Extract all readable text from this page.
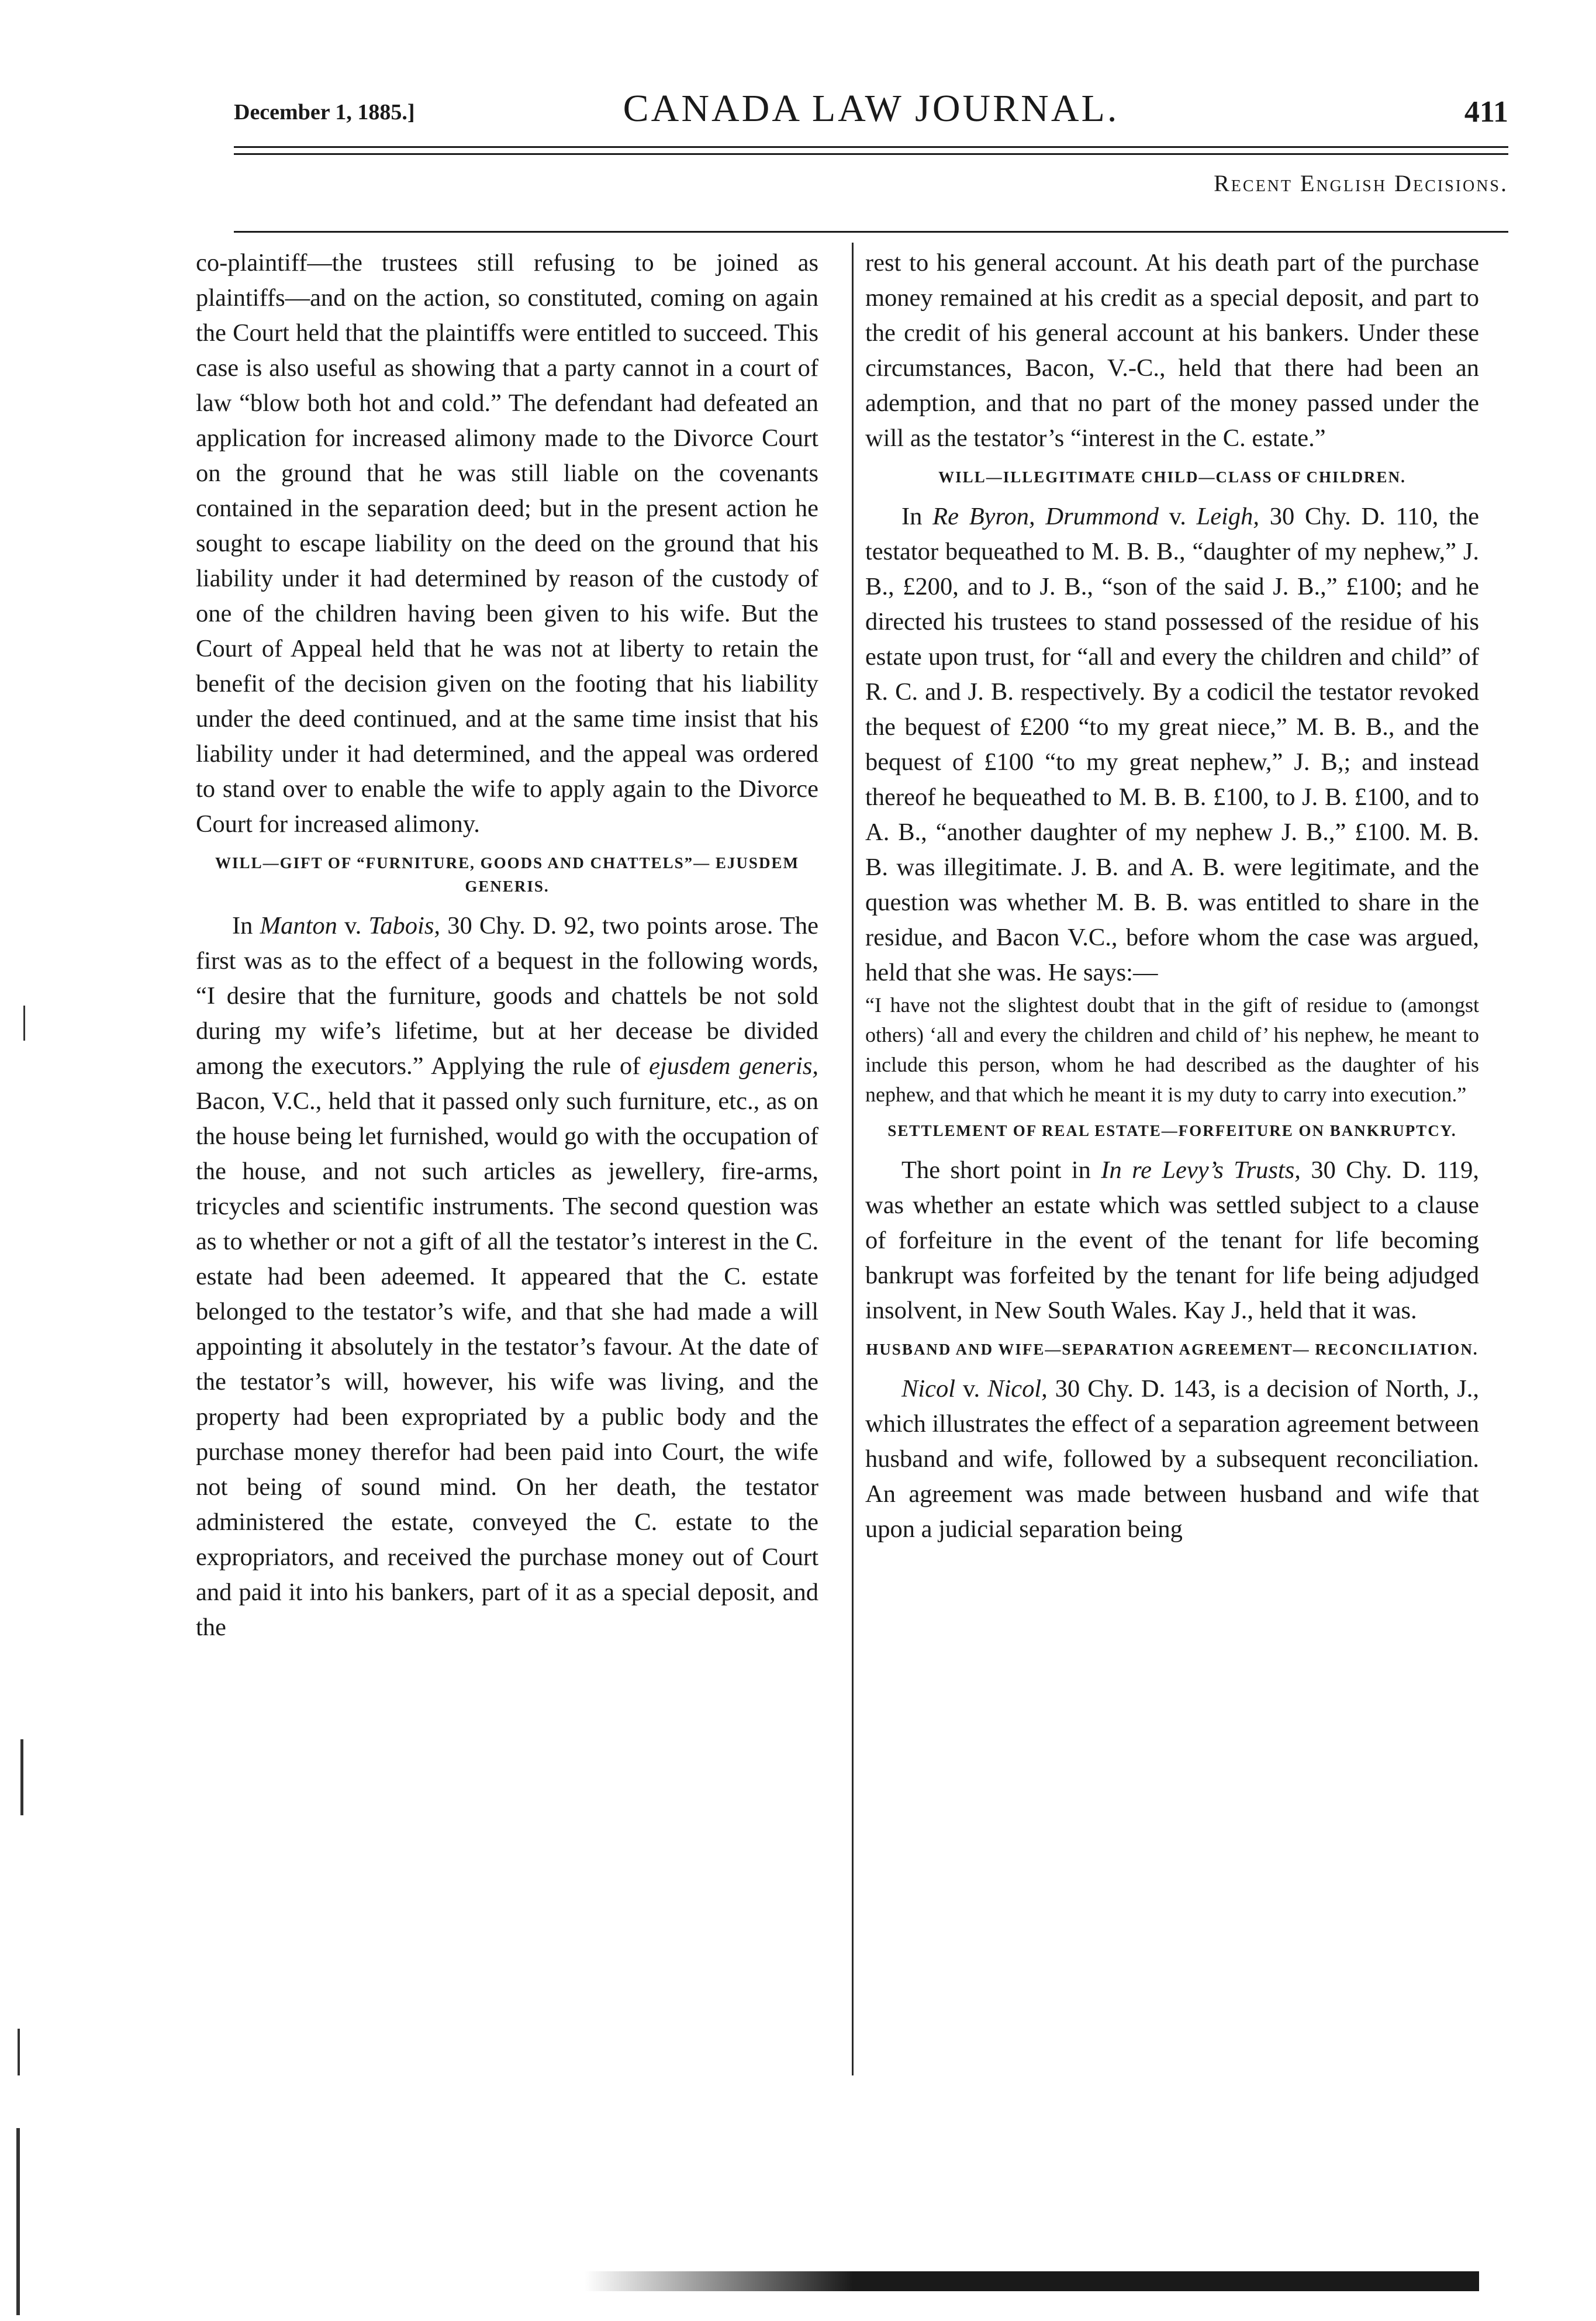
December 1, 1885.]	CANADA LAW JOURNAL.	411
Recent English Decisions.

co-plaintiff—the trustees still refusing to be joined as plaintiffs—and on the action, so constituted, coming on again the Court held that the plaintiffs were entitled to succeed. This case is also useful as showing that a party cannot in a court of law “blow both hot and cold.” The defendant had defeated an application for increased alimony made to the Divorce Court on the ground that he was still liable on the covenants contained in the separation deed; but in the present action he sought to escape liability on the deed on the ground that his liability under it had determined by reason of the custody of one of the children having been given to his wife. But the Court of Appeal held that he was not at liberty to retain the benefit of the decision given on the footing that his liability under the deed continued, and at the same time insist that his liability under it had determined, and the appeal was ordered to stand over to enable the wife to apply again to the Divorce Court for increased alimony.

WILL—GIFT OF “FURNITURE, GOODS AND CHATTELS”— EJUSDEM GENERIS.

In Manton v. Tabois, 30 Chy. D. 92, two points arose. The first was as to the effect of a bequest in the following words, “I desire that the furniture, goods and chattels be not sold during my wife’s lifetime, but at her decease be divided among the executors.” Applying the rule of ejusdem generis, Bacon, V.C., held that it passed only such furniture, etc., as on the house being let furnished, would go with the occupation of the house, and not such articles as jewellery, fire-arms, tricycles and scientific instruments. The second question was as to whether or not a gift of all the testator’s interest in the C. estate had been adeemed. It appeared that the C. estate belonged to the testator’s wife, and that she had made a will appointing it absolutely in the testator’s favour. At the date of the testator’s will, however, his wife was living, and the property had been expropriated by a public body and the purchase money therefor had been paid into Court, the wife not being of sound mind. On her death, the testator administered the estate, conveyed the C. estate to the expropriators, and received the purchase money out of Court and paid it into his bankers, part of it as a special deposit, and the

rest to his general account. At his death part of the purchase money remained at his credit as a special deposit, and part to the credit of his general account at his bankers. Under these circumstances, Bacon, V.-C., held that there had been an ademption, and that no part of the money passed under the will as the testator’s “interest in the C. estate.”

WILL—ILLEGITIMATE CHILD—CLASS OF CHILDREN.

In Re Byron, Drummond v. Leigh, 30 Chy. D. 110, the testator bequeathed to M. B. B., “daughter of my nephew,” J. B., £200, and to J. B., “son of the said J. B.,” £100; and he directed his trustees to stand possessed of the residue of his estate upon trust, for “all and every the children and child” of R. C. and J. B. respectively. By a codicil the testator revoked the bequest of £200 “to my great niece,” M. B. B., and the bequest of £100 “to my great nephew,” J. B,; and instead thereof he bequeathed to M. B. B. £100, to J. B. £100, and to A. B., “another daughter of my nephew J. B.,” £100. M. B. B. was illegitimate. J. B. and A. B. were legitimate, and the question was whether M. B. B. was entitled to share in the residue, and Bacon V.C., before whom the case was argued, held that she was. He says:—

“I have not the slightest doubt that in the gift of residue to (amongst others) ‘all and every the children and child of’ his nephew, he meant to include this person, whom he had described as the daughter of his nephew, and that which he meant it is my duty to carry into execution.”

SETTLEMENT OF REAL ESTATE—FORFEITURE ON BANKRUPTCY.

The short point in In re Levy’s Trusts, 30 Chy. D. 119, was whether an estate which was settled subject to a clause of forfeiture in the event of the tenant for life becoming bankrupt was forfeited by the tenant for life being adjudged insolvent, in New South Wales. Kay J., held that it was.

HUSBAND AND WIFE—SEPARATION AGREEMENT— RECONCILIATION.

Nicol v. Nicol, 30 Chy. D. 143, is a decision of North, J., which illustrates the effect of a separation agreement between husband and wife, followed by a subsequent reconciliation. An agreement was made between husband and wife that upon a judicial separation being
